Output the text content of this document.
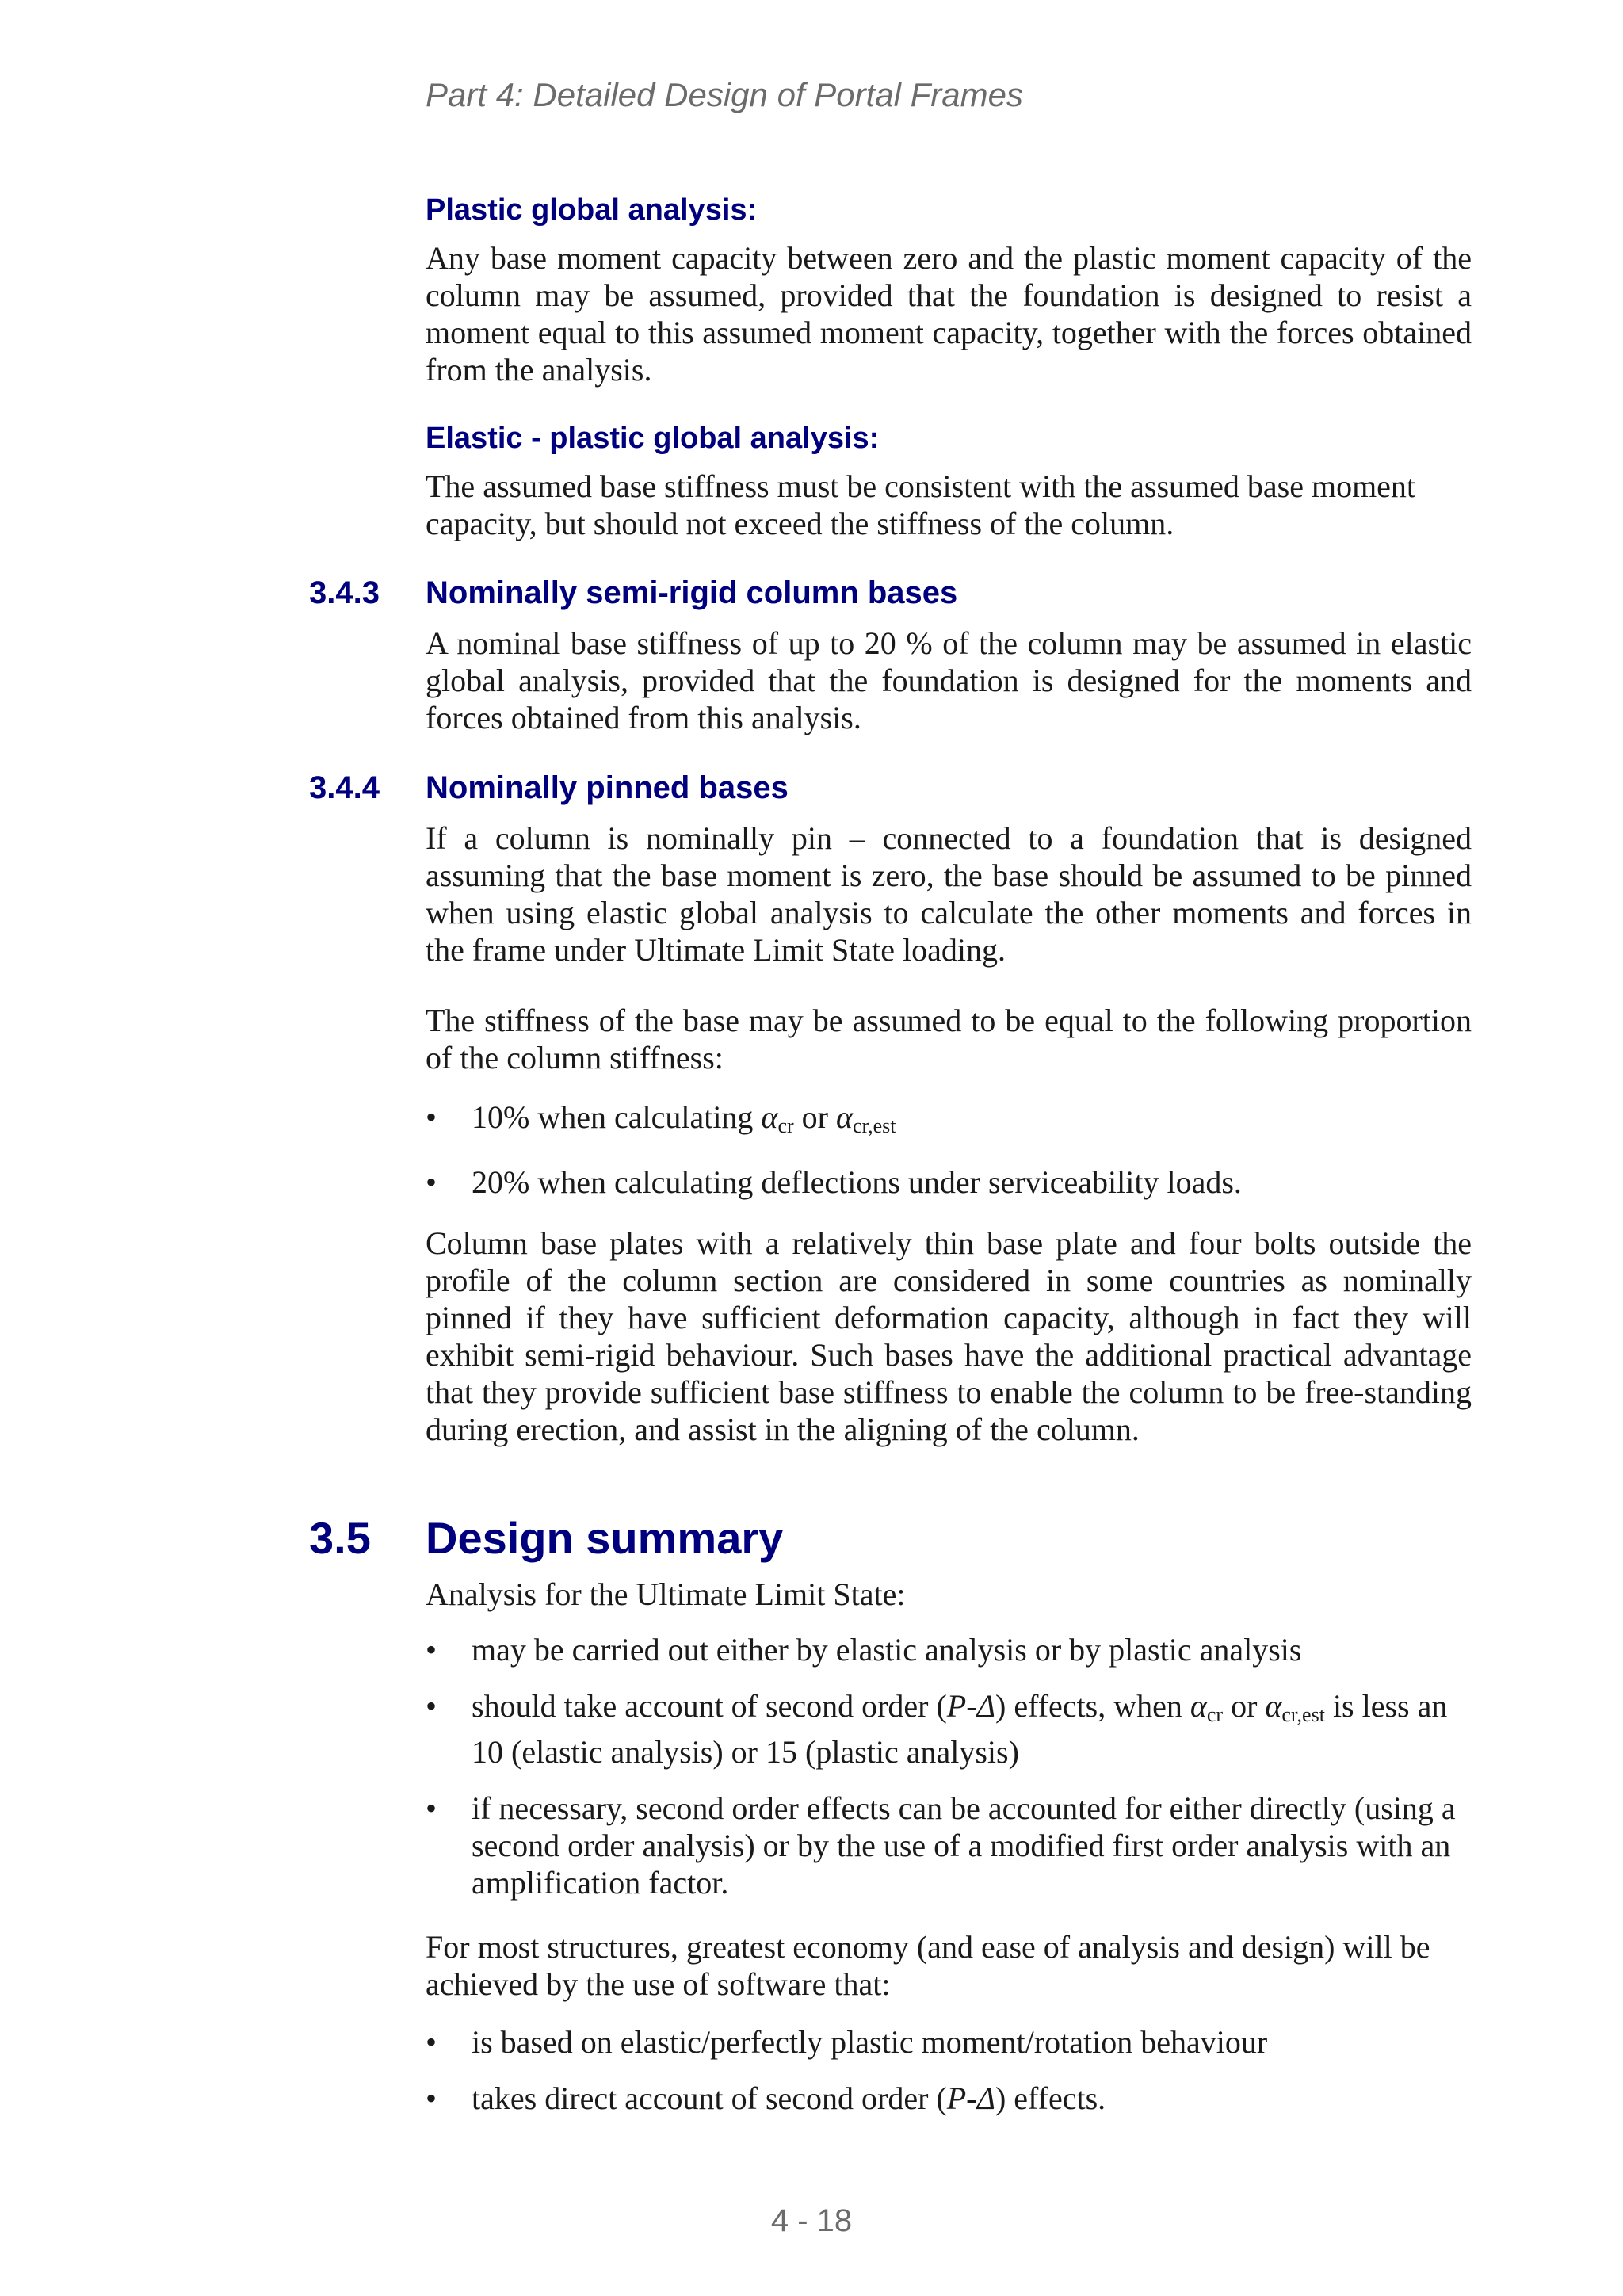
Part 4: Detailed Design of Portal Frames

Plastic global analysis:

Any base moment capacity between zero and the plastic moment capacity of the column may be assumed, provided that the foundation is designed to resist a moment equal to this assumed moment capacity, together with the forces obtained from the analysis.

Elastic - plastic global analysis:

The assumed base stiffness must be consistent with the assumed base moment capacity, but should not exceed the stiffness of the column.

3.4.3 Nominally semi-rigid column bases

A nominal base stiffness of up to 20 % of the column may be assumed in elastic global analysis, provided that the foundation is designed for the moments and forces obtained from this analysis.

3.4.4 Nominally pinned bases

If a column is nominally pin – connected to a foundation that is designed assuming that the base moment is zero, the base should be assumed to be pinned when using elastic global analysis to calculate the other moments and forces in the frame under Ultimate Limit State loading.

The stiffness of the base may be assumed to be equal to the following proportion of the column stiffness:

• 10% when calculating $\alpha_{cr}$ or $\alpha_{cr,est}$
• 20% when calculating deflections under serviceability loads.

Column base plates with a relatively thin base plate and four bolts outside the profile of the column section are considered in some countries as nominally pinned if they have sufficient deformation capacity, although in fact they will exhibit semi-rigid behaviour. Such bases have the additional practical advantage that they provide sufficient base stiffness to enable the column to be free-standing during erection, and assist in the aligning of the column.

3.5 Design summary

Analysis for the Ultimate Limit State:

• may be carried out either by elastic analysis or by plastic analysis
• should take account of second order (P-Δ) effects, when $\alpha_{cr}$ or $\alpha_{cr,est}$ is less an 10 (elastic analysis) or 15 (plastic analysis)
• if necessary, second order effects can be accounted for either directly (using a second order analysis) or by the use of a modified first order analysis with an amplification factor.

For most structures, greatest economy (and ease of analysis and design) will be achieved by the use of software that:

• is based on elastic/perfectly plastic moment/rotation behaviour
• takes direct account of second order (P-Δ) effects.
4 - 18
